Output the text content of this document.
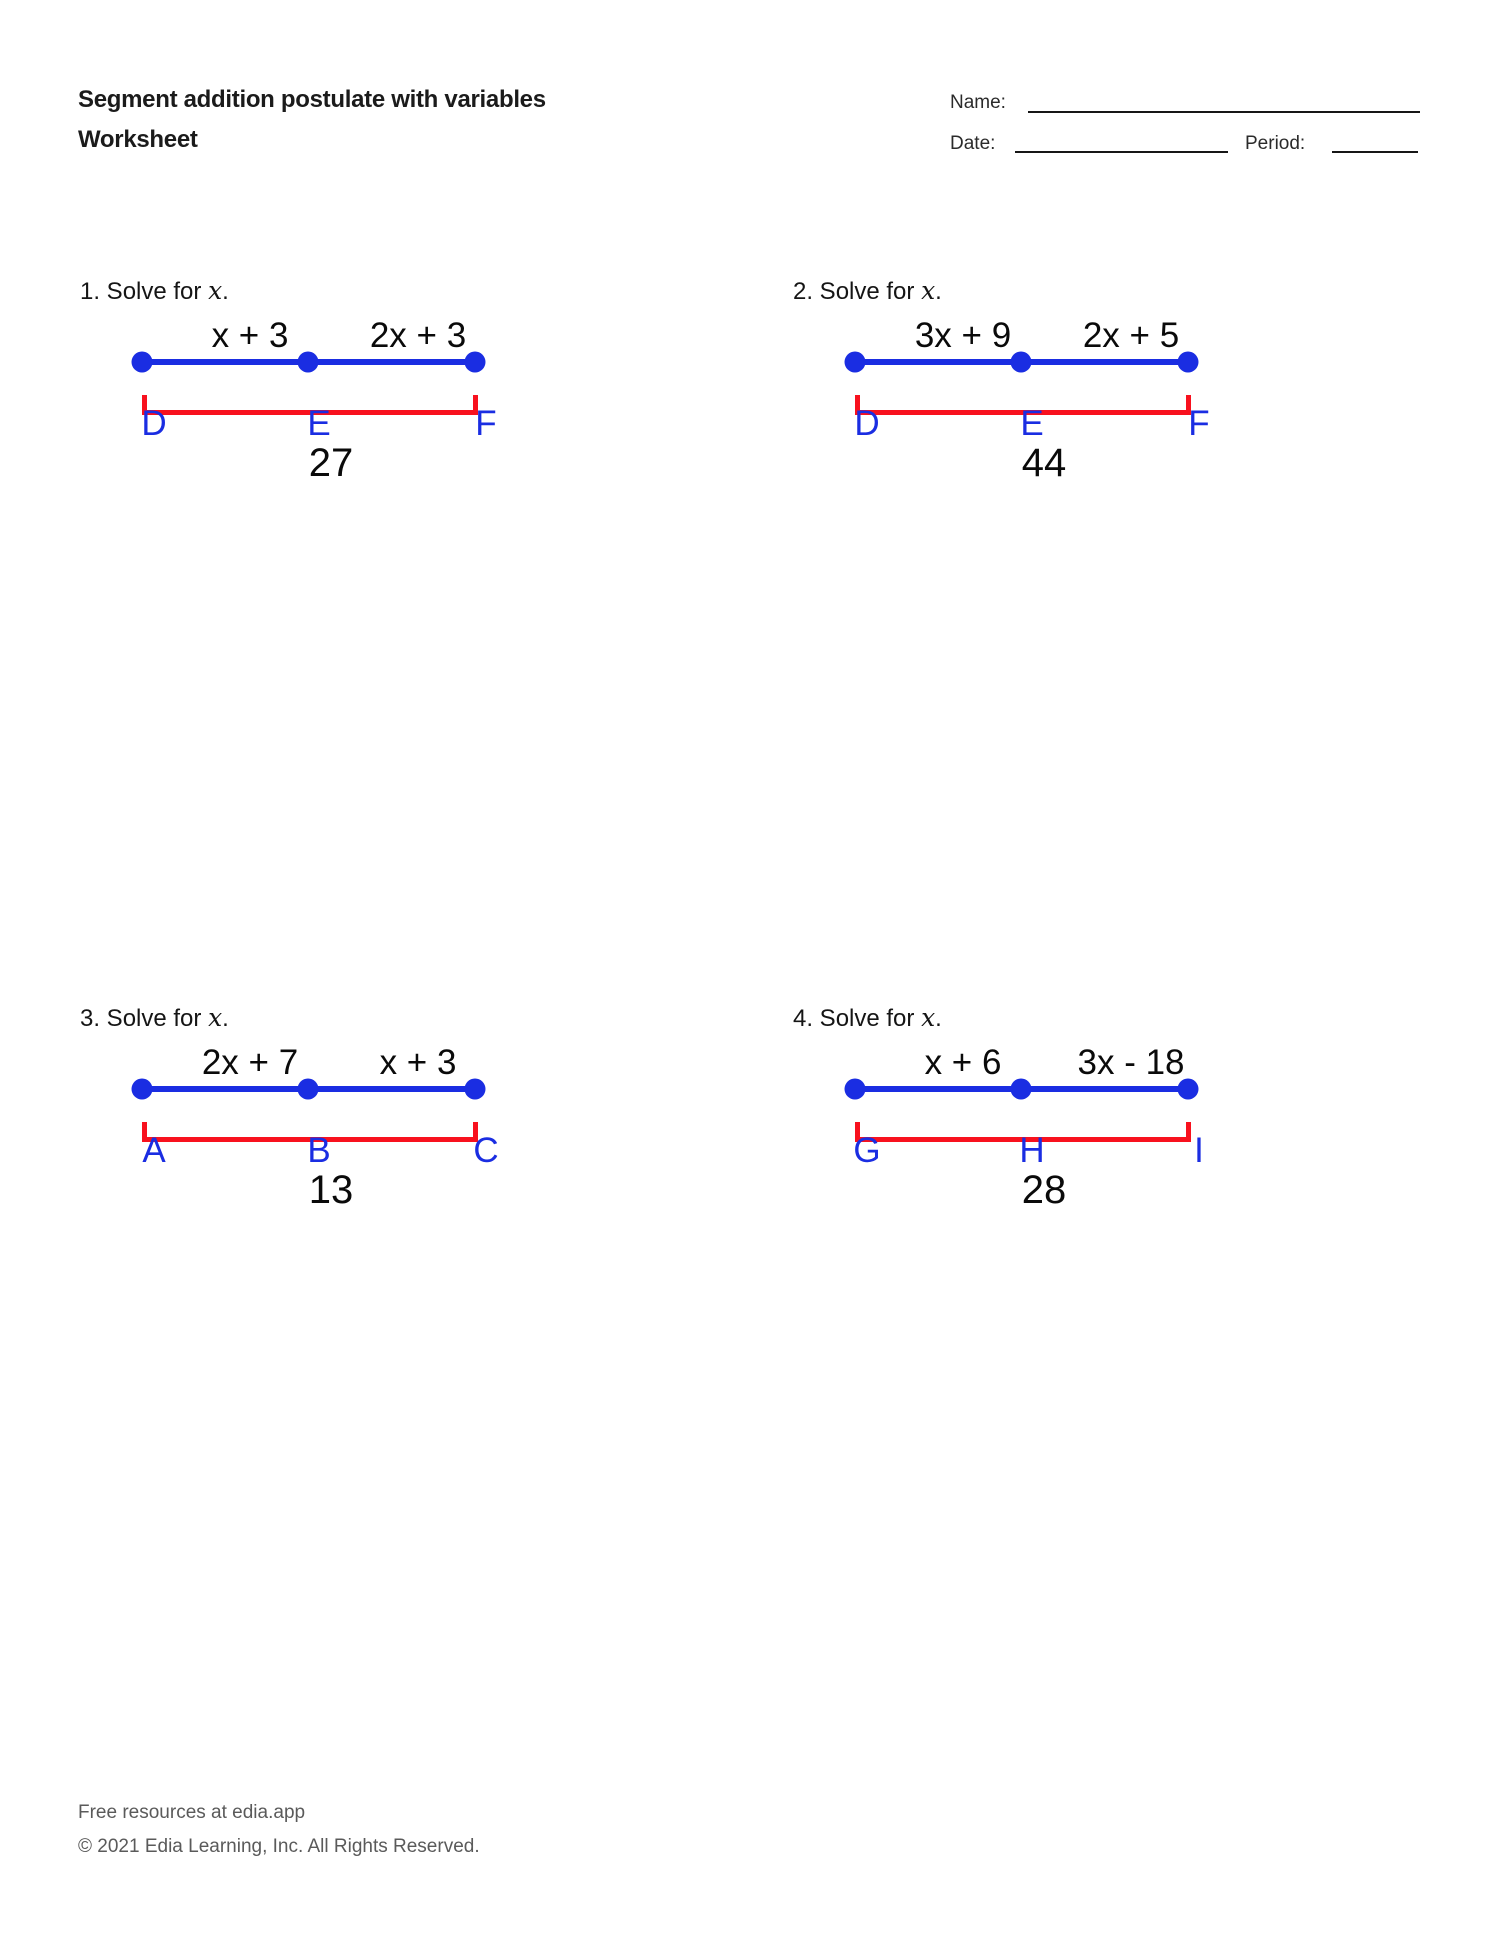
Segment addition postulate with variables
Worksheet
Name:
Date:	Period:
1. Solve for x.
x + 3 2x + 3
D	E	F
27
2. Solve for x.
3x + 9 2x + 5
D	E	F
44
3. Solve for x.
2x + 7 x + 3
A	B	C
13
4. Solve for x.
x + 6 3x - 18
G	H	I
28
Free resources at edia.app
© 2021 Edia Learning, Inc. All Rights Reserved.
